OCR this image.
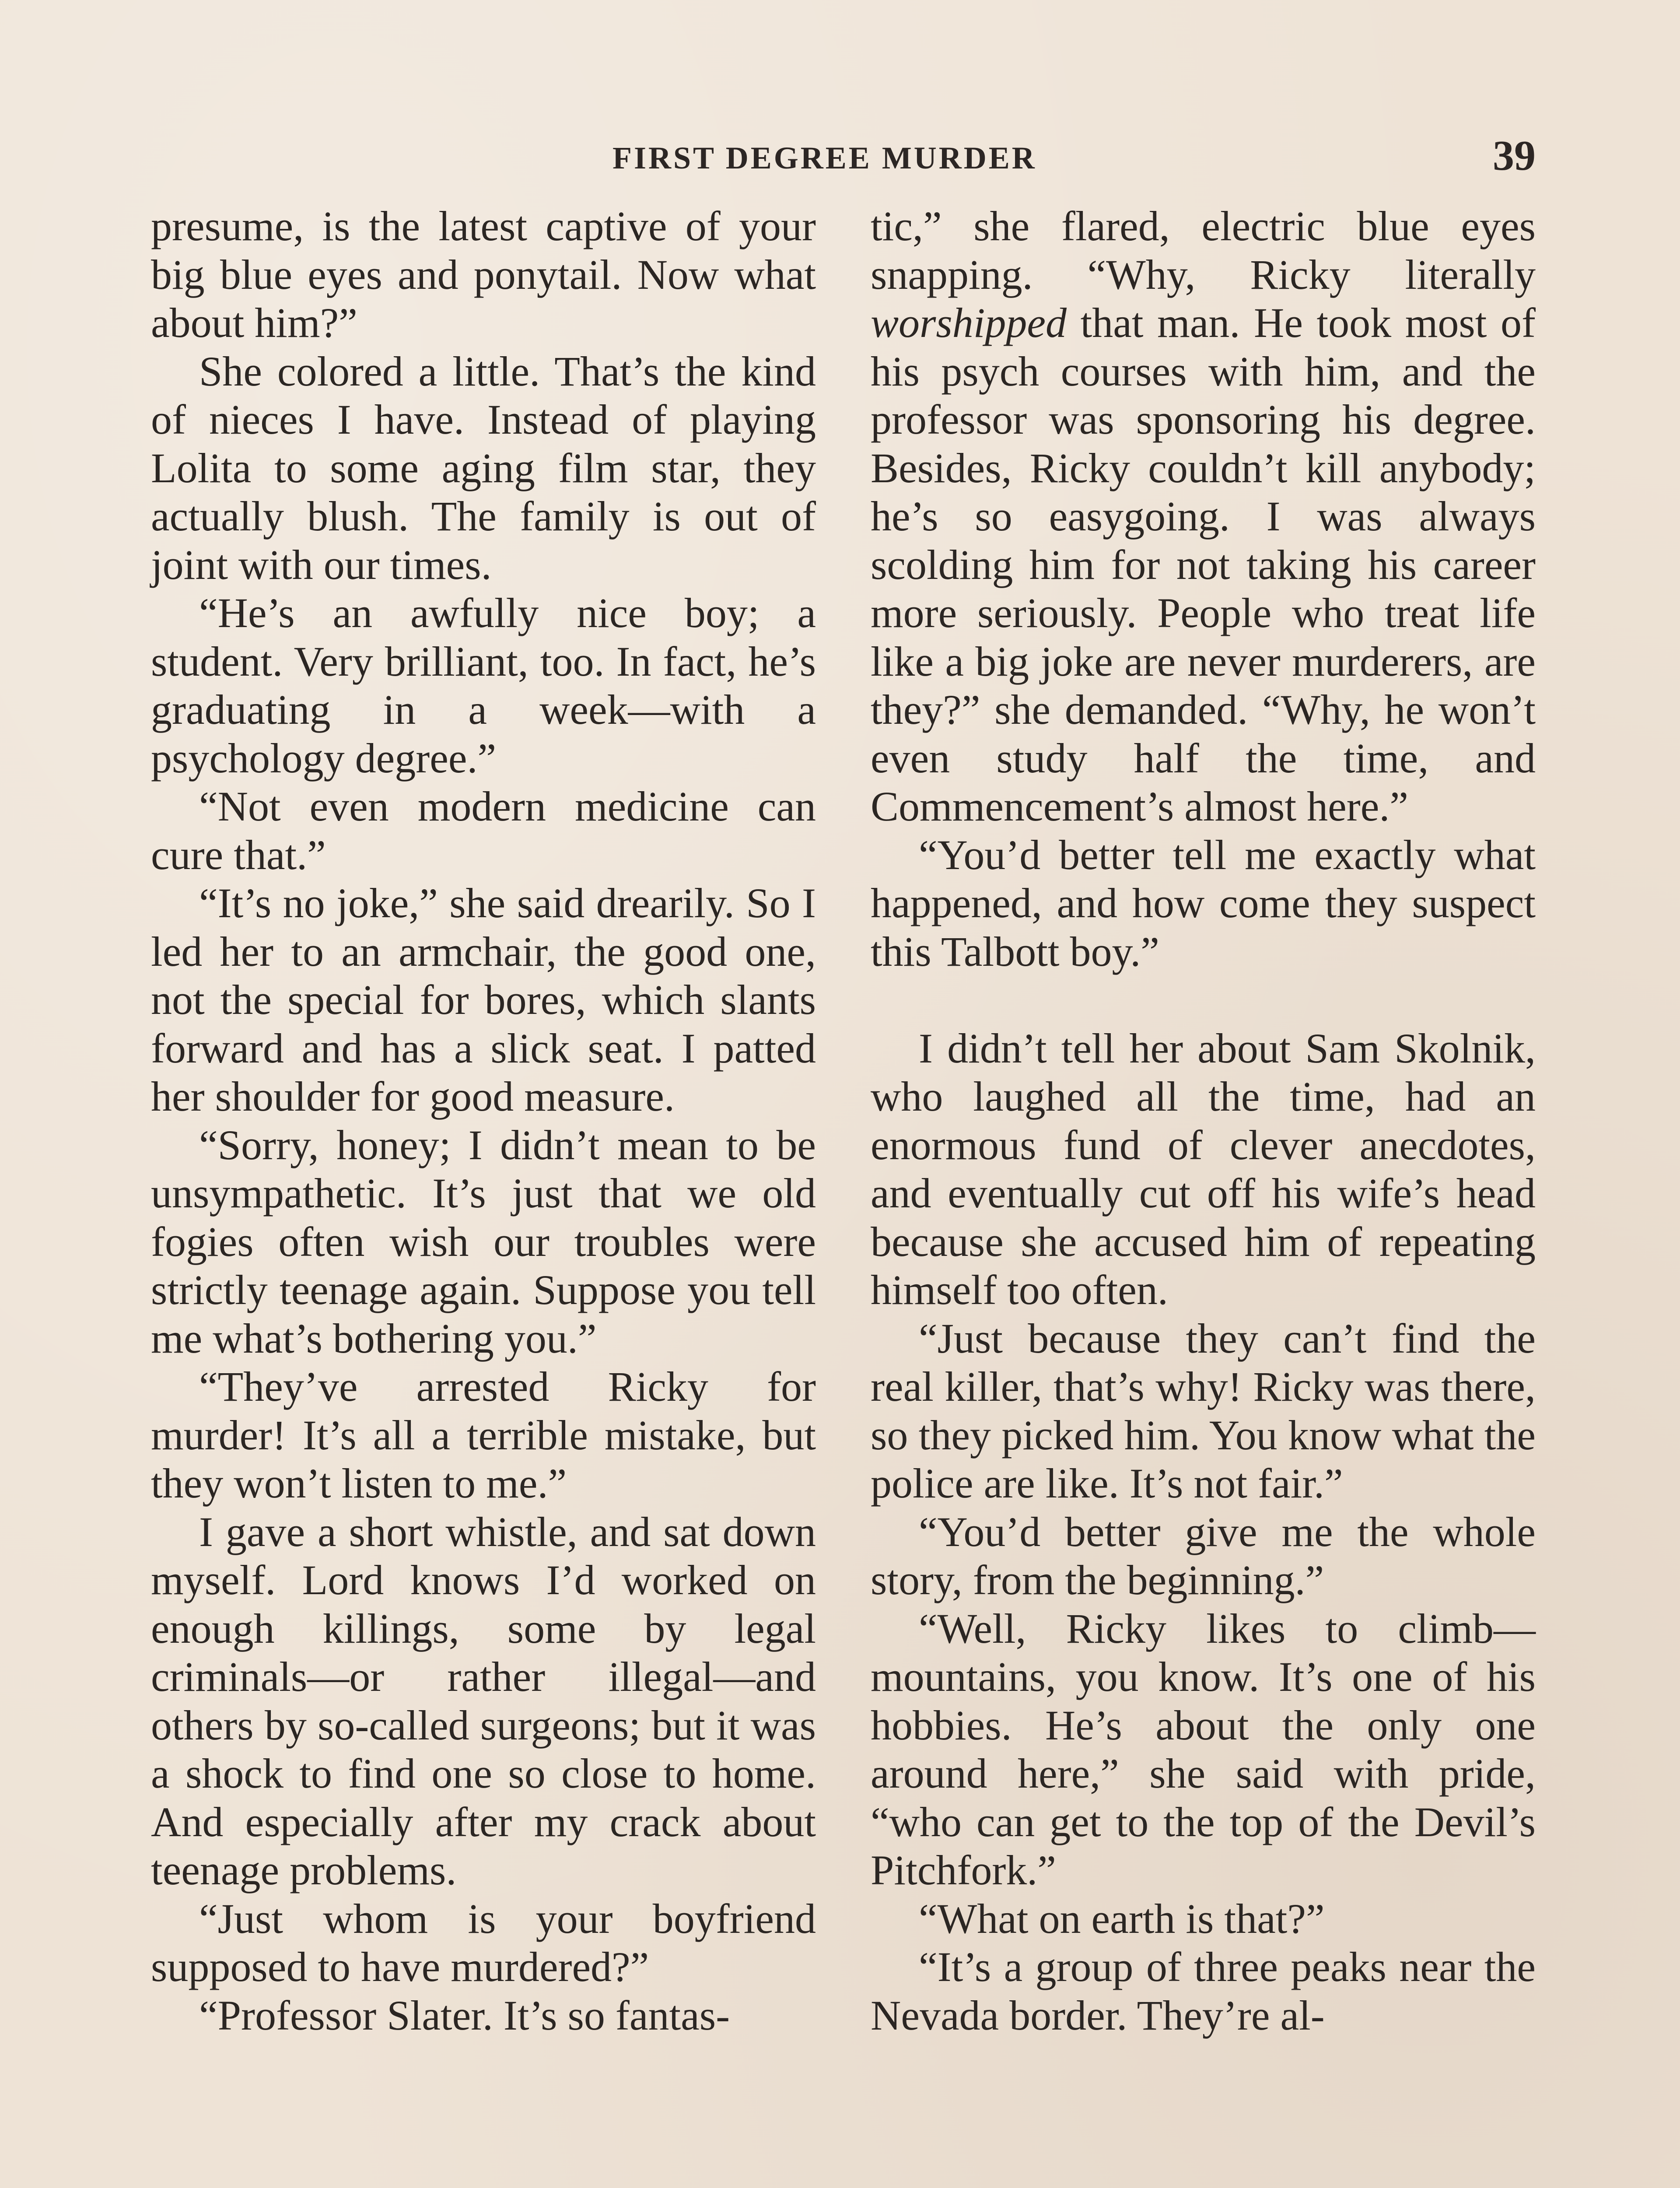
FIRST DEGREE MURDER	39

presume, is the latest captive of your big blue eyes and ponytail. Now what about him?”

She colored a little. That’s the kind of nieces I have. Instead of playing Lolita to some aging film star, they actually blush. The family is out of joint with our times.

“He’s an awfully nice boy; a student. Very brilliant, too. In fact, he’s graduating in a week—with a psychology degree.”

“Not even modern medicine can cure that.”

“It’s no joke,” she said drearily. So I led her to an armchair, the good one, not the special for bores, which slants forward and has a slick seat. I patted her shoulder for good measure.

“Sorry, honey; I didn’t mean to be unsympathetic. It’s just that we old fogies often wish our troubles were strictly teenage again. Suppose you tell me what’s bothering you.”

“They’ve arrested Ricky for murder! It’s all a terrible mistake, but they won’t listen to me.”

I gave a short whistle, and sat down myself. Lord knows I’d worked on enough killings, some by legal criminals—or rather illegal—and others by so-called surgeons; but it was a shock to find one so close to home. And especially after my crack about teenage problems.

“Just whom is your boyfriend supposed to have murdered?”

“Professor Slater. It’s so fantas-

tic,” she flared, electric blue eyes snapping. “Why, Ricky literally worshipped that man. He took most of his psych courses with him, and the professor was sponsoring his degree. Besides, Ricky couldn’t kill anybody; he’s so easygoing. I was always scolding him for not taking his career more seriously. People who treat life like a big joke are never murderers, are they?” she demanded. “Why, he won’t even study half the time, and Commencement’s almost here.”

“You’d better tell me exactly what happened, and how come they suspect this Talbott boy.”

I didn’t tell her about Sam Skolnik, who laughed all the time, had an enormous fund of clever anecdotes, and eventually cut off his wife’s head because she accused him of repeating himself too often.

“Just because they can’t find the real killer, that’s why! Ricky was there, so they picked him. You know what the police are like. It’s not fair.”

“You’d better give me the whole story, from the beginning.”

“Well, Ricky likes to climb—mountains, you know. It’s one of his hobbies. He’s about the only one around here,” she said with pride, “who can get to the top of the Devil’s Pitchfork.”

“What on earth is that?”

“It’s a group of three peaks near the Nevada border. They’re al-
